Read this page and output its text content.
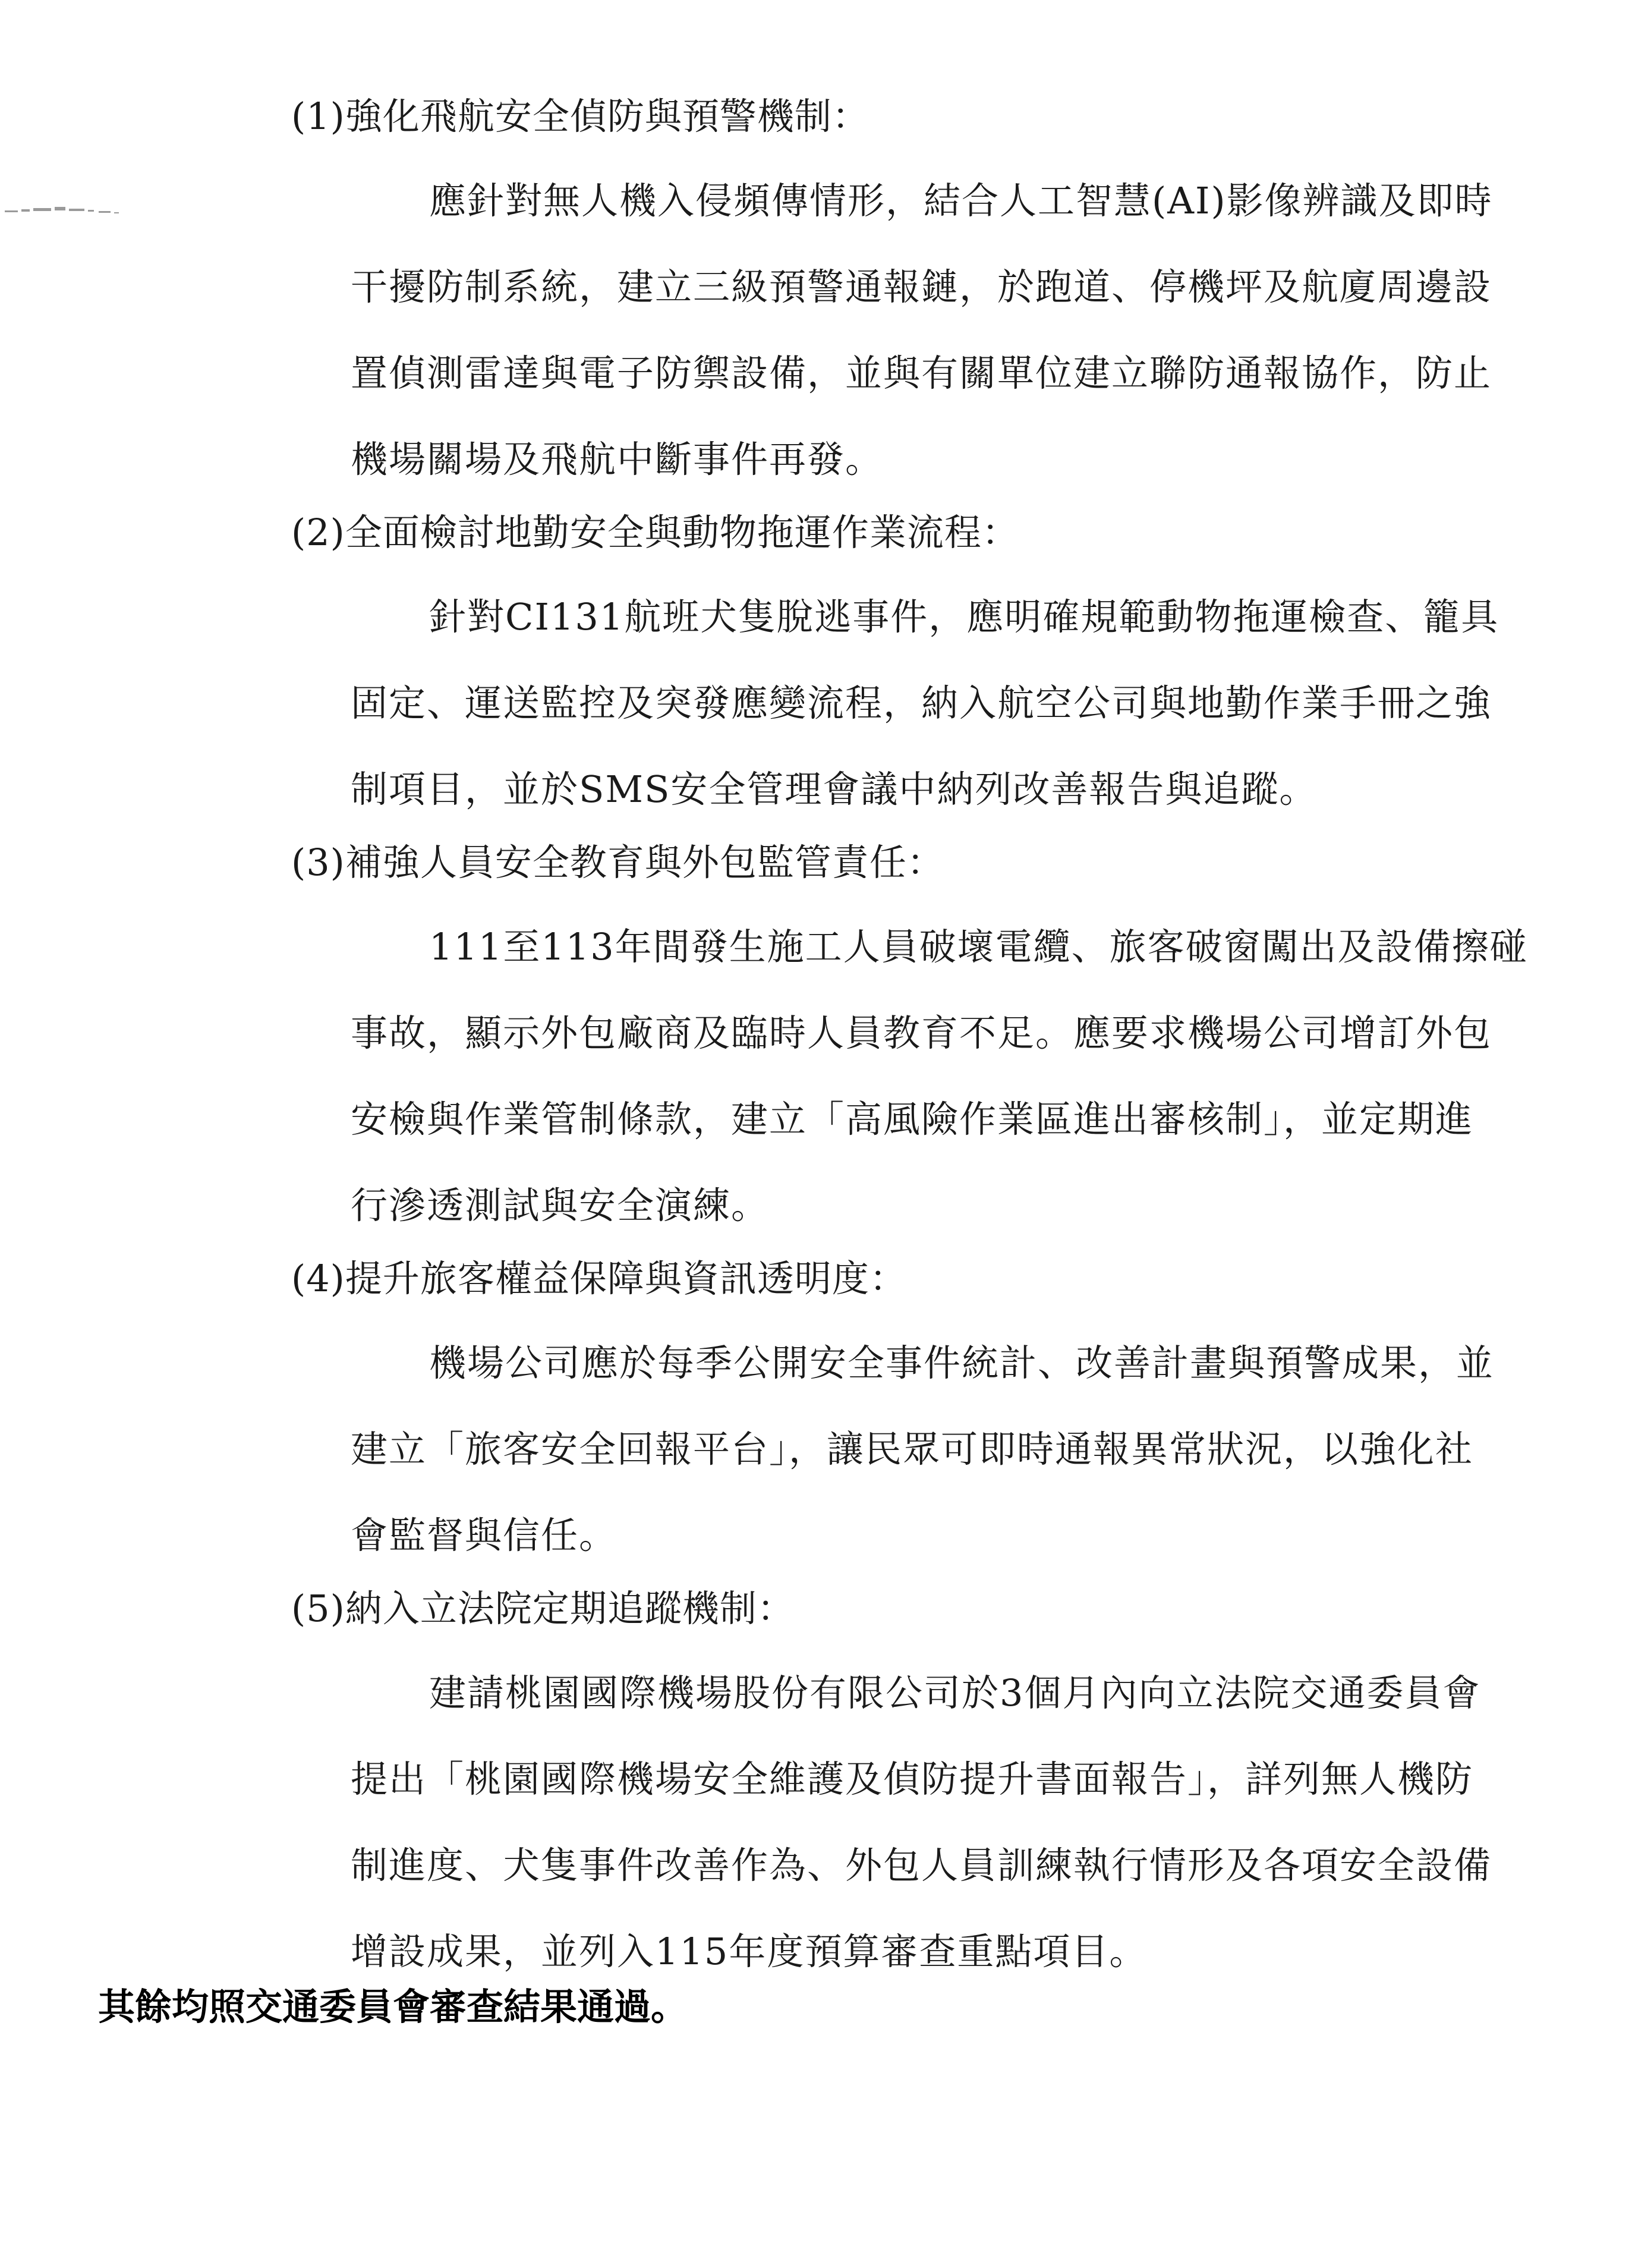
(1)強化飛航安全偵防與預警機制：
應針對無人機入侵頻傳情形，結合人工智慧(AI)影像辨識及即時
干擾防制系統，建立三級預警通報鏈，於跑道、停機坪及航廈周邊設
置偵測雷達與電子防禦設備，並與有關單位建立聯防通報協作，防止
機場關場及飛航中斷事件再發。
(2)全面檢討地勤安全與動物拖運作業流程：
針對CI131航班犬隻脫逃事件，應明確規範動物拖運檢查、籠具
固定、運送監控及突發應變流程，納入航空公司與地勤作業手冊之強
制項目，並於SMS安全管理會議中納列改善報告與追蹤。
(3)補強人員安全教育與外包監管責任：
111至113年間發生施工人員破壞電纜、旅客破窗闖出及設備擦碰
事故，顯示外包廠商及臨時人員教育不足。應要求機場公司增訂外包
安檢與作業管制條款，建立「高風險作業區進出審核制」，並定期進
行滲透測試與安全演練。
(4)提升旅客權益保障與資訊透明度：
機場公司應於每季公開安全事件統計、改善計畫與預警成果，並
建立「旅客安全回報平台」，讓民眾可即時通報異常狀況，以強化社
會監督與信任。
(5)納入立法院定期追蹤機制：
建請桃園國際機場股份有限公司於3個月內向立法院交通委員會
提出「桃園國際機場安全維護及偵防提升書面報告」，詳列無人機防
制進度、犬隻事件改善作為、外包人員訓練執行情形及各項安全設備
增設成果，並列入115年度預算審查重點項目。
其餘均照交通委員會審查結果通過。
